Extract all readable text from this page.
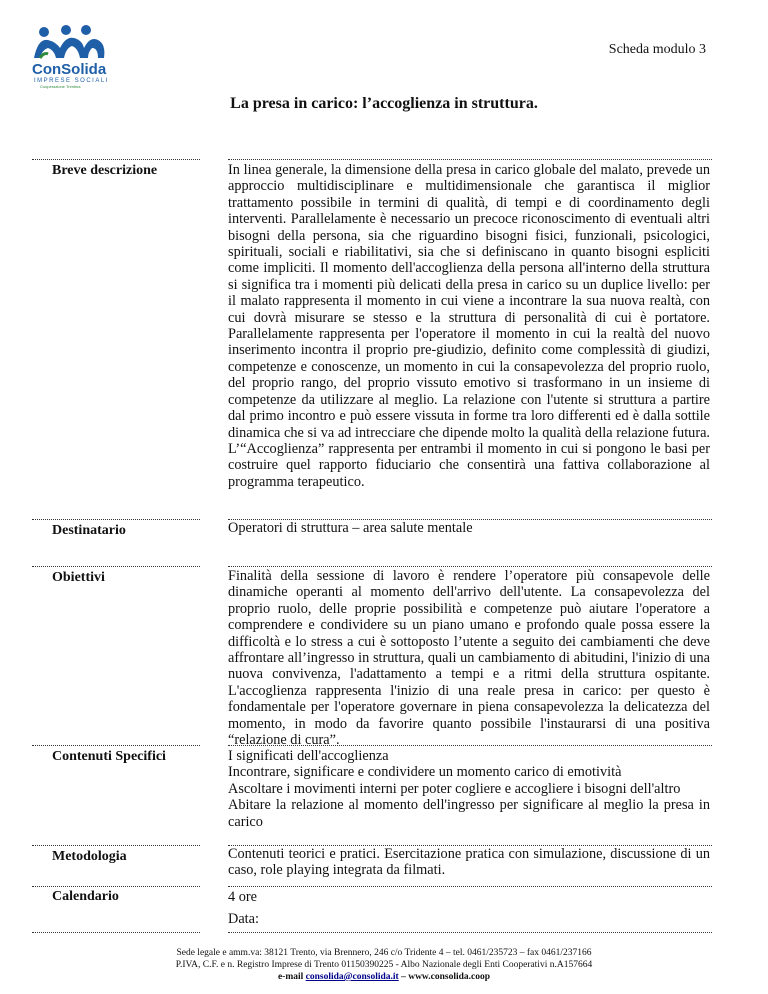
ConSolida
IMPRESE SOCIALI
Cooperazione Trentina
Scheda modulo 3
La presa in carico: l’accoglienza in struttura.
Breve descrizione	In linea generale, la dimensione della presa in carico globale del malato, prevede un approccio multidisciplinare e multidimensionale che garantisca il miglior trattamento possibile in termini di qualità, di tempi e di coordinamento degli interventi. Parallelamente è necessario un precoce riconoscimento di eventuali altri bisogni della persona, sia che riguardino bisogni fisici, funzionali, psicologici, spirituali, sociali e riabilitativi, sia che si definiscano in quanto bisogni espliciti come impliciti. Il momento dell'accoglienza della persona all'interno della struttura si significa tra i momenti più delicati della presa in carico su un duplice livello: per il malato rappresenta il momento in cui viene a incontrare la sua nuova realtà, con cui dovrà misurare se stesso e la struttura di personalità di cui è portatore. Parallelamente rappresenta per l'operatore il momento in cui la realtà del nuovo inserimento incontra il proprio pre-giudizio, definito come complessità di giudizi, competenze e conoscenze, un momento in cui la consapevolezza del proprio ruolo, del proprio rango, del proprio vissuto emotivo si trasformano in un insieme di competenze da utilizzare al meglio. La relazione con l'utente si struttura a partire dal primo incontro e può essere vissuta in forme tra loro differenti ed è dalla sottile dinamica che si va ad intrecciare che dipende molto la qualità della relazione futura. L’“Accoglienza” rappresenta per entrambi il momento in cui si pongono le basi per costruire quel rapporto fiduciario che consentirà una fattiva collaborazione al programma terapeutico.
Destinatario	Operatori di struttura – area salute mentale
Obiettivi	Finalità della sessione di lavoro è rendere l’operatore più consapevole delle dinamiche operanti al momento dell'arrivo dell'utente. La consapevolezza del proprio ruolo, delle proprie possibilità e competenze può aiutare l'operatore a comprendere e condividere su un piano umano e profondo quale possa essere la difficoltà e lo stress a cui è sottoposto l’utente a seguito dei cambiamenti che deve affrontare all’ingresso in struttura, quali un cambiamento di abitudini, l'inizio di una nuova convivenza, l'adattamento a tempi e a ritmi della struttura ospitante. L'accoglienza rappresenta l'inizio di una reale presa in carico: per questo è fondamentale per l'operatore governare in piena consapevolezza la delicatezza del momento, in modo da favorire quanto possibile l'instaurarsi di una positiva “relazione di cura”.
Contenuti Specifici	I significati dell'accoglienza
Incontrare, significare e condividere un momento carico di emotività
Ascoltare i movimenti interni per poter cogliere e accogliere i bisogni dell'altro
Abitare la relazione al momento dell'ingresso per significare al meglio la presa in carico
Metodologia	Contenuti teorici e pratici. Esercitazione pratica con simulazione, discussione di un caso, role playing integrata da filmati.
Calendario	4 ore
Data:
Sede legale e amm.va: 38121 Trento, via Brennero, 246 c/o Tridente 4 – tel. 0461/235723 – fax 0461/237166
P.IVA, C.F. e n. Registro Imprese di Trento 01150390225 - Albo Nazionale degli Enti Cooperativi n.A157664
e-mail consolida@consolida.it – www.consolida.coop
